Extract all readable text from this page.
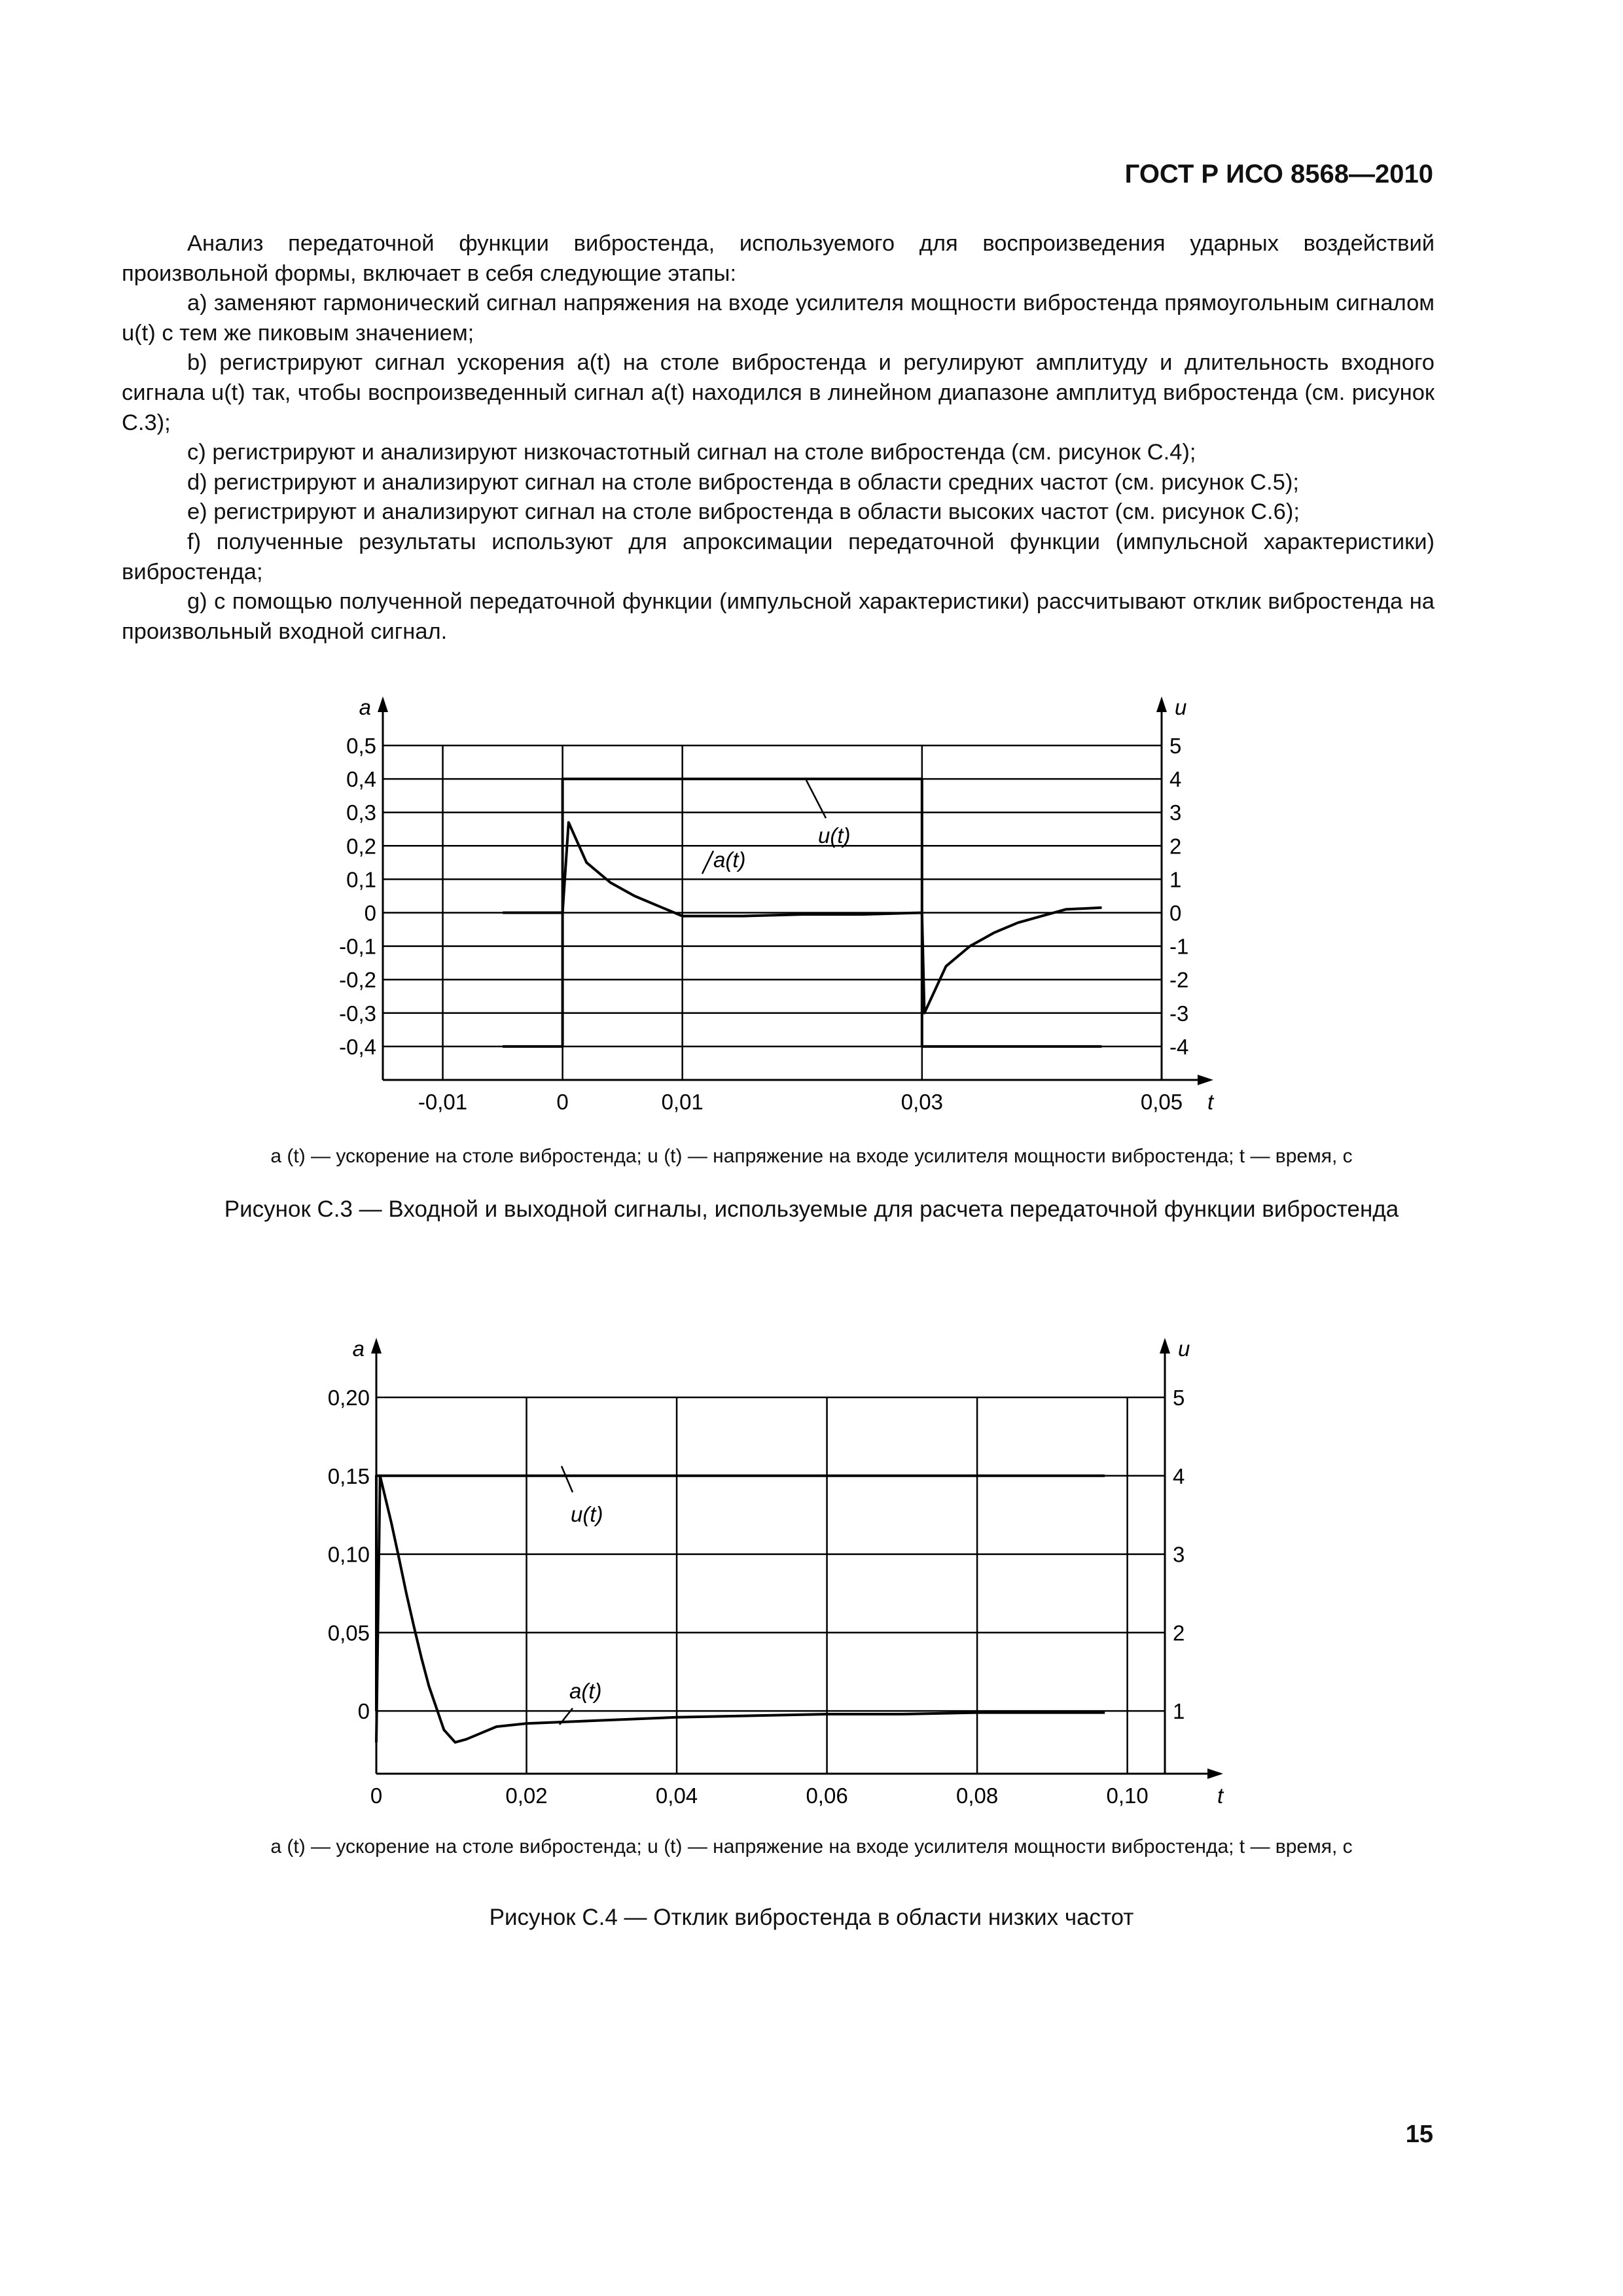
ГОСТ Р ИСО 8568—2010

Анализ передаточной функции вибростенда, используемого для воспроизведения ударных воздействий произвольной формы, включает в себя следующие этапы:

a) заменяют гармонический сигнал напряжения на входе усилителя мощности вибростенда прямоугольным сигналом u(t) с тем же пиковым значением;

b) регистрируют сигнал ускорения a(t) на столе вибростенда и регулируют амплитуду и длительность входного сигнала u(t) так, чтобы воспроизведенный сигнал a(t) находился в линейном диапазоне амплитуд вибростенда (см. рисунок С.3);

c) регистрируют и анализируют низкочастотный сигнал на столе вибростенда (см. рисунок С.4);

d) регистрируют и анализируют сигнал на столе вибростенда в области средних частот (см. рисунок С.5);

e) регистрируют и анализируют сигнал на столе вибростенда в области высоких частот (см. рисунок С.6);

f) полученные результаты используют для апроксимации передаточной функции (импульсной характеристики) вибростенда;

g) с помощью полученной передаточной функции (импульсной характеристики) рассчитывают отклик вибростенда на произвольный входной сигнал.

0,5
0,4
0,3
0,2
0,1
0
-0,1
-0,2
-0,3
-0,4
5
4
3
2
1
0
-1
-2
-3
-4
-0,01	0	0,01	0,03	0,05
a	u
t
u(t)
a(t)
a (t) — ускорение на столе вибростенда; u (t) — напряжение на входе усилителя мощности вибростенда; t — время, с
Рисунок С.3 — Входной и выходной сигналы, используемые для расчета передаточной функции вибростенда
0,20
0,15
0,10
0,05
0
5
4
3
2
1
0	0,02	0,04	0,06	0,08	0,10
a	u
t
u(t)
a(t)
a (t) — ускорение на столе вибростенда; u (t) — напряжение на входе усилителя мощности вибростенда; t — время, с
Рисунок С.4 — Отклик вибростенда в области низких частот
15
